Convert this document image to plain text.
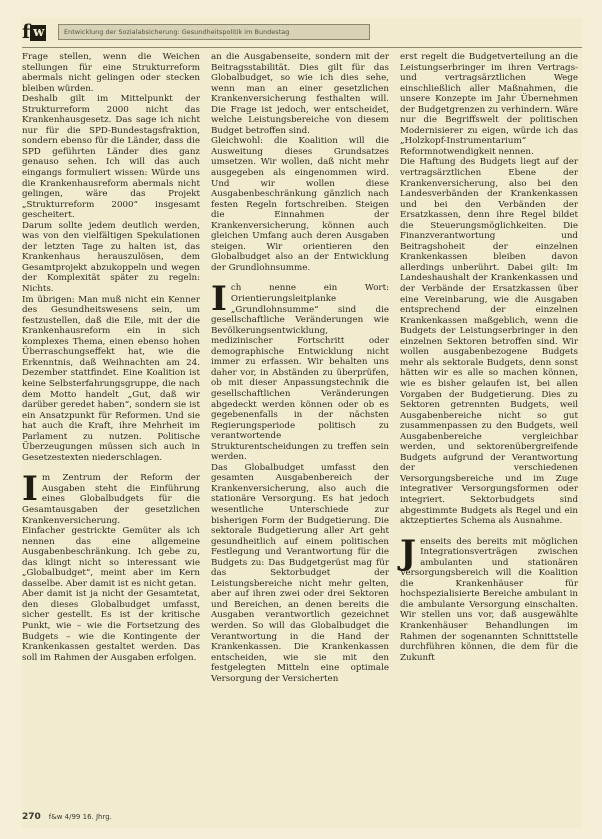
f w	Entwicklung der Sozialabsicherung: Gesundheitspolitik im Bundestag

Frage stellen, wenn die Weichen stellungen für eine Strukturreform abermals nicht gelingen oder stecken bleiben würden.

Deshalb gilt im Mittelpunkt der Strukturreform 2000 nicht das Krankenhausgesetz. Das sage ich nicht nur für die SPD-Bundestagsfraktion, sondern ebenso für die Länder, dass die SPD geführten Länder dies ganz genauso sehen. Ich will das auch eingangs formuliert wissen: Würde uns die Krankenhausreform abermals nicht gelingen, wäre das Projekt „Strukturreform 2000“ insgesamt gescheitert.

Darum sollte jedem deutlich werden, was von den vielfältigen Spekulationen der letzten Tage zu halten ist, das Krankenhaus herauszulösen, dem Gesamtprojekt abzukoppeln und wegen der Komplexität später zu regeln: Nichts.

Im übrigen: Man muß nicht ein Kenner des Gesundheitswesens sein, um festzustellen, daß die Eile, mit der die Krankenhausreform ein in sich komplexes Thema, einen ebenso hohen Überraschungseffekt hat, wie die Erkenntnis, daß Weihnachten am 24. Dezember stattfindet. Eine Koalition ist keine Selbsterfahrungsgruppe, die nach dem Motto handelt „Gut, daß wir darüber geredet haben“, sondern sie ist ein Ansatzpunkt für Reformen. Und sie hat auch die Kraft, ihre Mehrheit im Parlament zu nutzen. Politische Überzeugungen müssen sich auch in Gesetzestexten niederschlagen.

Im Zentrum der Reform der Ausgaben steht die Einführung eines Globalbudgets für die Gesamtausgaben der gesetzlichen Krankenversicherung.

Einfacher gestrickte Gemüter als ich nennen das eine allgemeine Ausgabenbeschränkung. Ich gebe zu, das klingt nicht so interessant wie „Globalbudget“, meint aber im Kern dasselbe. Aber damit ist es nicht getan.

Aber damit ist ja nicht der Gesamtetat, den dieses Globalbudget umfasst, sicher gestellt. Es ist der kritische Punkt, wie – wie die Fortsetzung des Budgets – wie die Kontingente der Krankenkassen gestaltet werden. Das soll im Rahmen der Ausgaben erfolgen.

an die Ausgabenseite, sondern mit der Beitragsstabilität. Dies gilt für das Globalbudget, so wie ich dies sehe, wenn man an einer gesetzlichen Krankenversicherung festhalten will. Die Frage ist jedoch, wer entscheidet, welche Leistungsbereiche von diesem Budget betroffen sind.

Gleichwohl: die Koalition will die Ausweitung dieses Grundsatzes umsetzen. Wir wollen, daß nicht mehr ausgegeben als eingenommen wird. Und wir wollen diese Ausgabenbeschränkung gänzlich nach festen Regeln fortschreiben. Steigen die Einnahmen der Krankenversicherung, können auch gleichen Umfang auch deren Ausgaben steigen. Wir orientieren den Globalbudget also an der Entwicklung der Grundlohnsumme.

Ich nenne ein Wort: Orientierungsleitplanke „Grundlohnsumme“ sind die gesellschaftliche Veränderungen wie Bevölkerungsentwicklung, medizinischer Fortschritt oder demographische Entwicklung nicht immer zu erfassen. Wir behalten uns daher vor, in Abständen zu überprüfen, ob mit dieser Anpassungstechnik die gesellschaftlichen Veränderungen abgedeckt werden können oder ob es gegebenenfalls in der nächsten Regierungsperiode politisch zu verantwortende Strukturentscheidungen zu treffen sein werden.

Das Globalbudget umfasst den gesamten Ausgabenbereich der Krankenversicherung, also auch die stationäre Versorgung. Es hat jedoch wesentliche Unterschiede zur bisherigen Form der Budgetierung. Die sektorale Budgetierung aller Art geht gesundheitlich auf einem politischen Festlegung und Verantwortung für die Budgets zu: Das Budgetgerüst mag für das Sektorbudget der Leistungsbereiche nicht mehr gelten, aber auf ihren zwei oder drei Sektoren und Bereichen, an denen bereits die Ausgaben verantwortlich gezeichnet werden. So will das Globalbudget die Verantwortung in die Hand der Krankenkassen. Die Krankenkassen entscheiden, wie sie mit den festgelegten Mitteln eine optimale Versorgung der Versicherten

erst regelt die Budgetverteilung an die Leistungserbringer im ihren Vertrags- und vertragsärztlichen Wege einschließlich aller Maßnahmen, die unsere Konzepte im Jahr Übernehmen der Budgetgrenzen zu verhindern. Wäre nur die Begriffswelt der politischen Modernisierer zu eigen, würde ich das „Holzkopf-Instrumentarium“ Reformnotwendigkeit nennen.

Die Haftung des Budgets liegt auf der vertragsärztlichen Ebene der Krankenversicherung, also bei den Landesverbänden der Krankenkassen und bei den Verbänden der Ersatzkassen, denn ihre Regel bildet die Steuerungsmöglichkeiten. Die Finanzverantwortung und Beitragshoheit der einzelnen Krankenkassen bleiben davon allerdings unberührt. Dabei gilt: Im Landeshaushalt der Krankenkassen und der Verbände der Ersatzkassen über eine Vereinbarung, wie die Ausgaben entsprechend der einzelnen Krankenkassen maßgeblich, wenn die Budgets der Leistungserbringer in den einzelnen Sektoren betroffen sind. Wir wollen ausgabenbezogene Budgets mehr als sektorale Budgets, denn sonst hätten wir es alle so machen können, wie es bisher gelaufen ist, bei allen Vorgaben der Budgetierung. Dies zu Sektoren getrennten Budgets, weil Ausgabenbereiche nicht so gut zusammenpassen zu den Budgets, weil Ausgabenbereiche vergleichbar werden, und sektorenübergreifende Budgets aufgrund der Verantwortung der verschiedenen Versorgungsbereiche und im Zuge integrativer Versorgungsformen oder integriert. Sektorbudgets sind abgestimmte Budgets als Regel und ein aktzeptiertes Schema als Ausnahme.

Jenseits des bereits mit möglichen Integrationsverträgen zwischen ambulanten und stationären Versorgungsbereich will die Koalition die Krankenhäuser für hochspezialisierte Bereiche ambulant in die ambulante Versorgung einschalten. Wir stellen uns vor, daß ausgewählte Krankenhäuser Behandlungen im Rahmen der sogenannten Schnittstelle durchführen können, die dem für die Zukunft

270 f&w 4/99 16. Jhrg.
